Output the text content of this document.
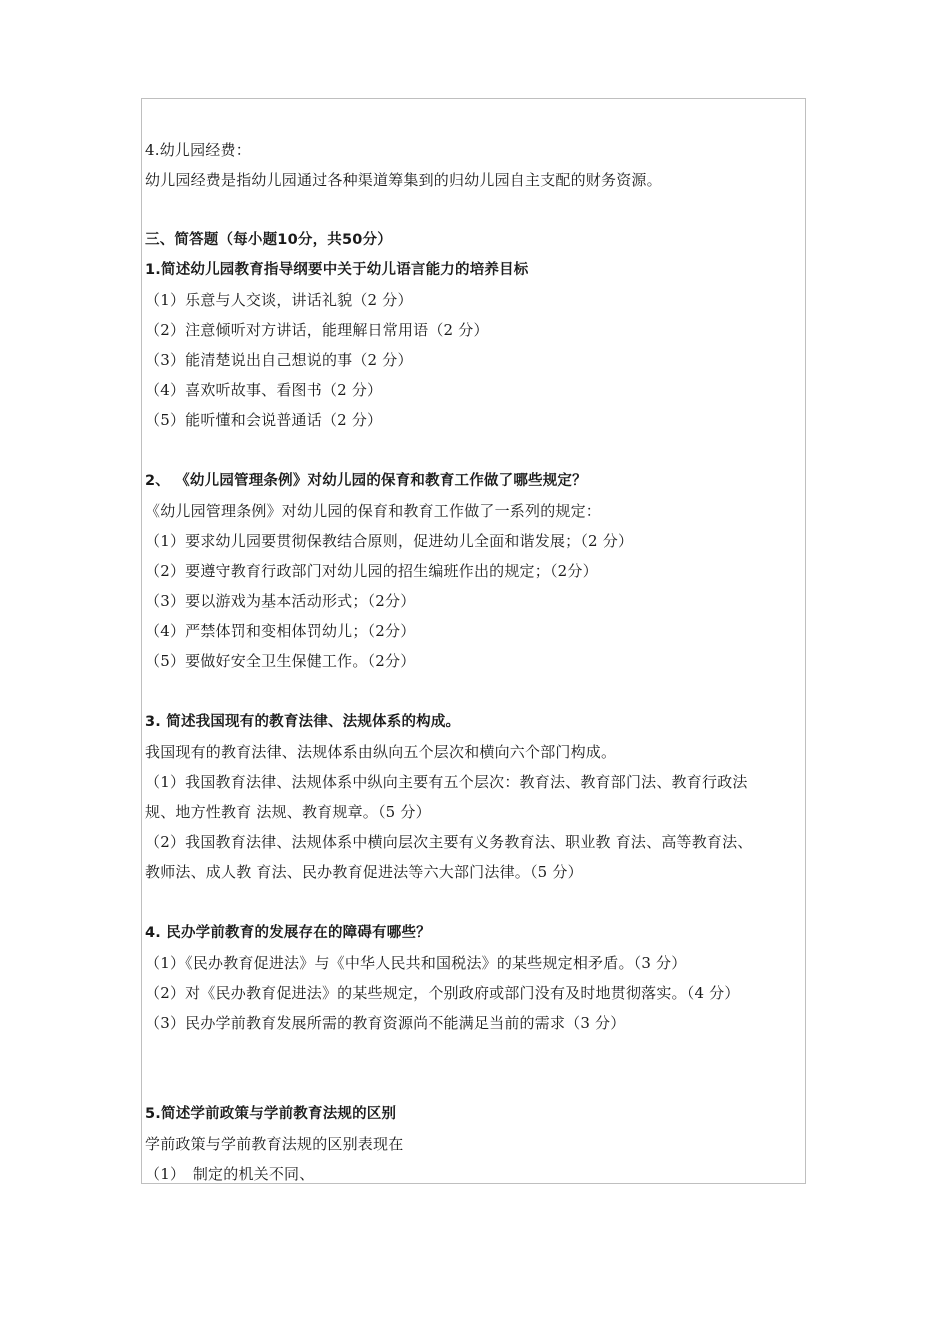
4.幼儿园经费：
幼儿园经费是指幼儿园通过各种渠道筹集到的归幼儿园自主支配的财务资源。
三、简答题（每小题10分，共50分）
1.简述幼儿园教育指导纲要中关于幼儿语言能力的培养目标
（1）乐意与人交谈，讲话礼貌（2 分）
（2）注意倾听对方讲话，能理解日常用语（2 分）
（3）能清楚说出自己想说的事（2 分）
（4）喜欢听故事、看图书（2 分）
（5）能听懂和会说普通话（2 分）
2、 《幼儿园管理条例》对幼儿园的保育和教育工作做了哪些规定？
《幼儿园管理条例》对幼儿园的保育和教育工作做了一系列的规定：
（1）要求幼儿园要贯彻保教结合原则，促进幼儿全面和谐发展；（2 分）
（2）要遵守教育行政部门对幼儿园的招生编班作出的规定；（2分）
（3）要以游戏为基本活动形式；（2分）
（4）严禁体罚和变相体罚幼儿；（2分）
（5）要做好安全卫生保健工作。（2分）
3. 简述我国现有的教育法律、法规体系的构成。
我国现有的教育法律、法规体系由纵向五个层次和横向六个部门构成。
（1）我国教育法律、法规体系中纵向主要有五个层次：教育法、教育部门法、教育行政法
规、地方性教育 法规、教育规章。（5 分）
（2）我国教育法律、法规体系中横向层次主要有义务教育法、职业教 育法、高等教育法、
教师法、成人教 育法、民办教育促进法等六大部门法律。（5 分）
4. 民办学前教育的发展存在的障碍有哪些？
（1）《民办教育促进法》与《中华人民共和国税法》的某些规定相矛盾。（3 分）
（2）对《民办教育促进法》的某些规定，个别政府或部门没有及时地贯彻落实。（4 分）
（3）民办学前教育发展所需的教育资源尚不能满足当前的需求（3 分）
5.简述学前政策与学前教育法规的区别
学前政策与学前教育法规的区别表现在
（1）　制定的机关不同、
